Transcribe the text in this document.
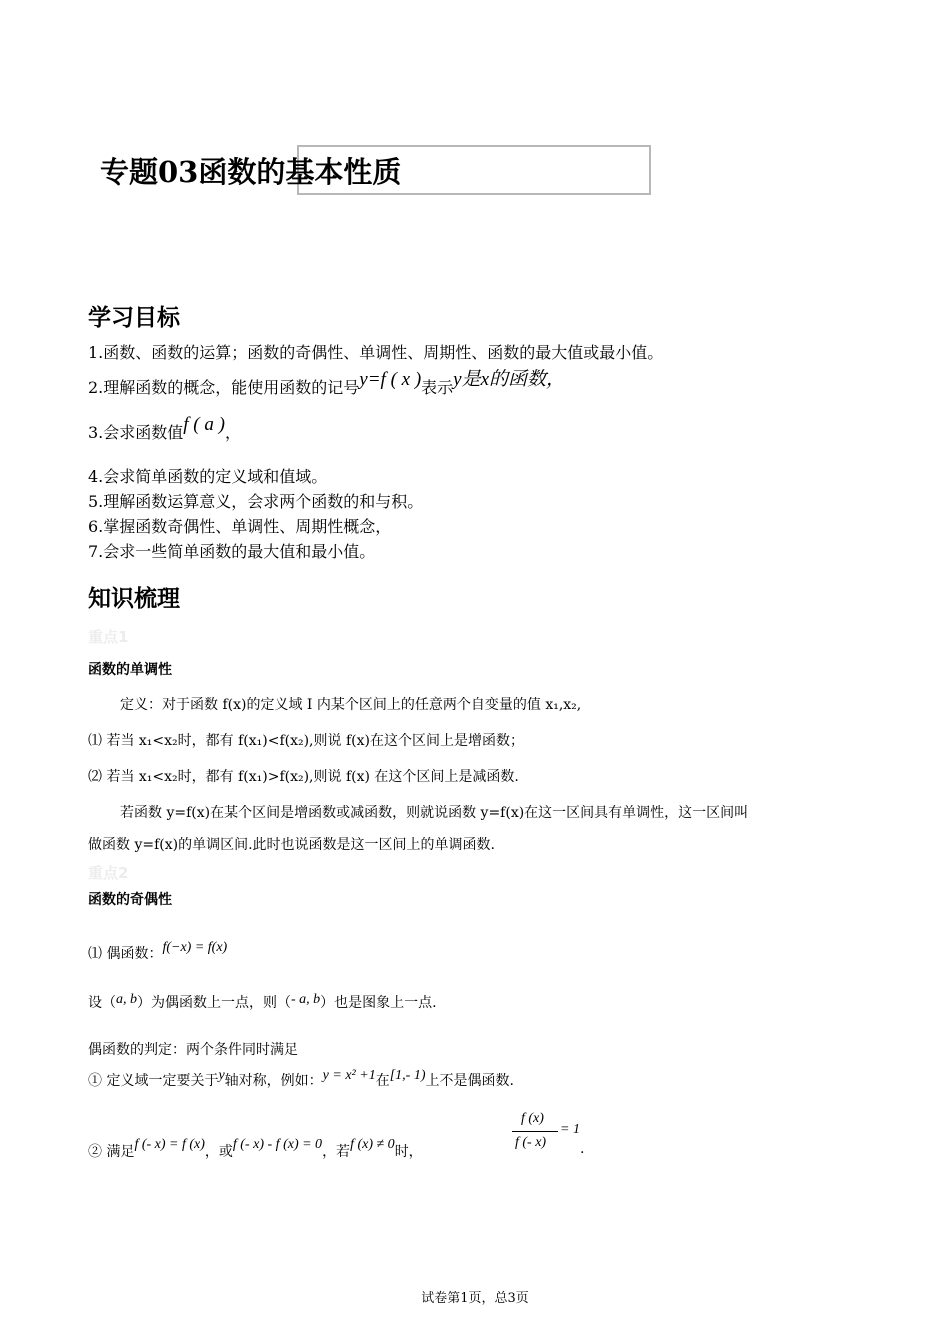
专题03函数的基本性质
学习目标
1.函数、函数的运算；函数的奇偶性、单调性、周期性、函数的最大值或最小值。
2.理解函数的概念，能使用函数的记号y=f ( x )表示y是x的函数，
3.会求函数值f ( a )，
4.会求简单函数的定义域和值域。
5.理解函数运算意义，会求两个函数的和与积。
6.掌握函数奇偶性、单调性、周期性概念，
7.会求一些简单函数的最大值和最小值。
知识梳理
重点1
函数的单调性
定义：对于函数 f(x)的定义域 I 内某个区间上的任意两个自变量的值 x₁,x₂,
⑴ 若当 x₁<x₂时，都有 f(x₁)<f(x₂),则说 f(x)在这个区间上是增函数；
⑵ 若当 x₁<x₂时，都有 f(x₁)>f(x₂),则说 f(x) 在这个区间上是减函数.
若函数 y=f(x)在某个区间是增函数或减函数，则就说函数 y=f(x)在这一区间具有单调性，这一区间叫
做函数 y=f(x)的单调区间.此时也说函数是这一区间上的单调函数.
重点2
函数的奇偶性
⑴ 偶函数：f(−x) = f(x)
设（a, b）为偶函数上一点，则（- a, b）也是图象上一点.
偶函数的判定：两个条件同时满足
① 定义域一定要关于y轴对称，例如：y = x² +1在[1,- 1)上不是偶函数.
② 满足f (- x) = f (x)，或f (- x) - f (x) = 0，若f (x) ≠ 0时，
f (x)
f (- x)
= 1
.
试卷第1页，总3页
